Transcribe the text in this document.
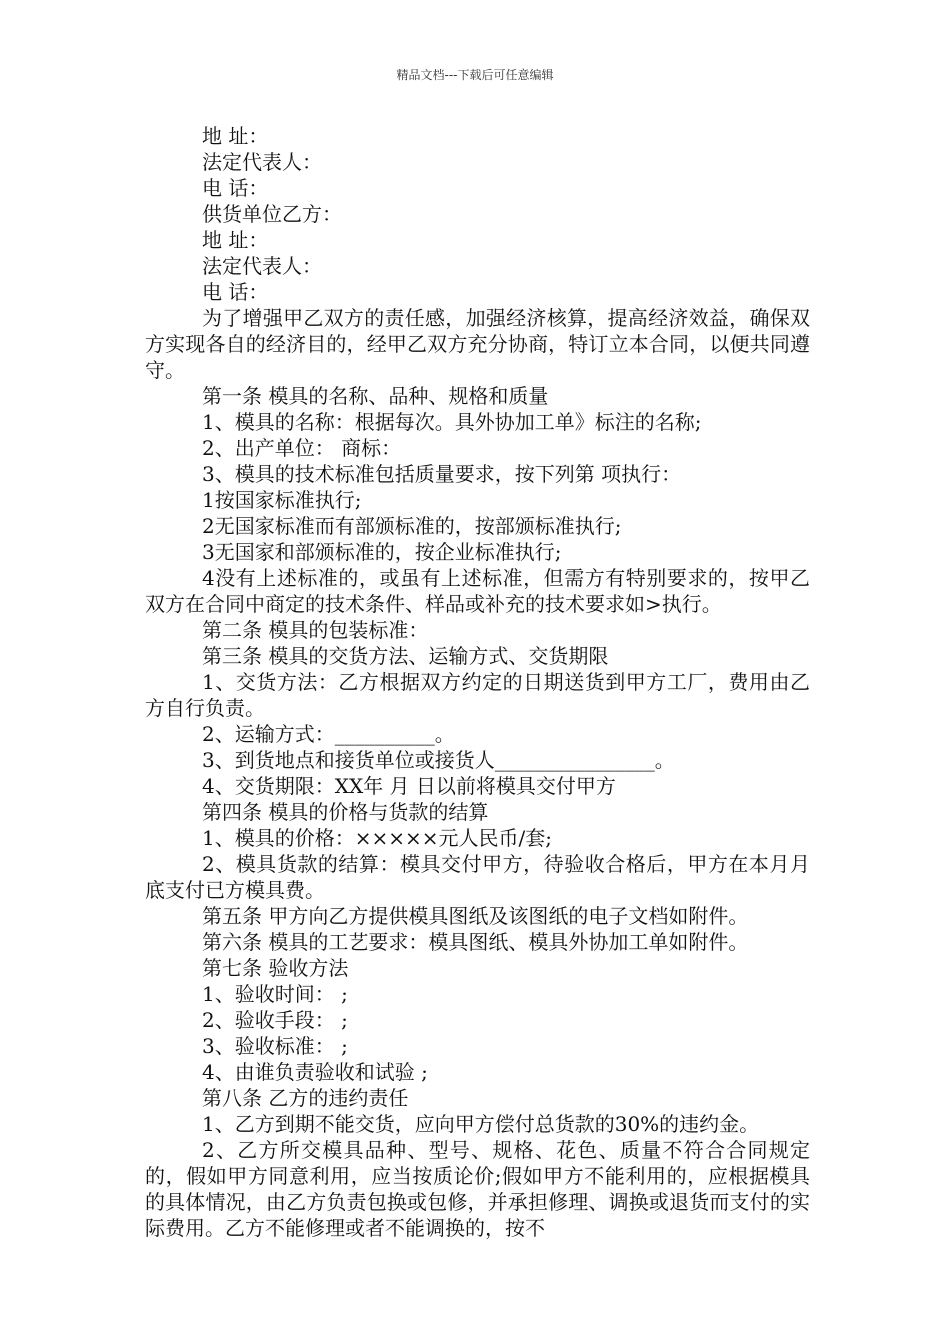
精品文档---下载后可任意编辑
地 址：
法定代表人：
电 话：
供货单位乙方：
地 址：
法定代表人：
电 话：
为了增强甲乙双方的责任感，加强经济核算，提高经济效益，确保双方实现各自的经济目的，经甲乙双方充分协商，特订立本合同，以便共同遵守。
第一条 模具的名称、品种、规格和质量
1、模具的名称：根据每次。具外协加工单》标注的名称;
2、出产单位： 商标：
3、模具的技术标准包括质量要求，按下列第 项执行：
1按国家标准执行;
2无国家标准而有部颁标准的，按部颁标准执行;
3无国家和部颁标准的，按企业标准执行;
4没有上述标准的，或虽有上述标准，但需方有特别要求的，按甲乙双方在合同中商定的技术条件、样品或补充的技术要求如>执行。
第二条 模具的包装标准：
第三条 模具的交货方法、运输方式、交货期限
1、交货方法：乙方根据双方约定的日期送货到甲方工厂，费用由乙方自行负责。
2、运输方式：__________。
3、到货地点和接货单位或接货人________________。
4、交货期限：XX年 月 日以前将模具交付甲方
第四条 模具的价格与货款的结算
1、模具的价格：×××××元人民币/套;
2、模具货款的结算：模具交付甲方，待验收合格后，甲方在本月月底支付已方模具费。
第五条 甲方向乙方提供模具图纸及该图纸的电子文档如附件。
第六条 模具的工艺要求：模具图纸、模具外协加工单如附件。
第七条 验收方法
1、验收时间： ;
2、验收手段： ;
3、验收标准： ;
4、由谁负责验收和试验 ;
第八条 乙方的违约责任
1、乙方到期不能交货，应向甲方偿付总货款的30%的违约金。
2、乙方所交模具品种、型号、规格、花色、质量不符合合同规定的，假如甲方同意利用，应当按质论价;假如甲方不能利用的，应根据模具的具体情况，由乙方负责包换或包修，并承担修理、调换或退货而支付的实际费用。乙方不能修理或者不能调换的，按不
